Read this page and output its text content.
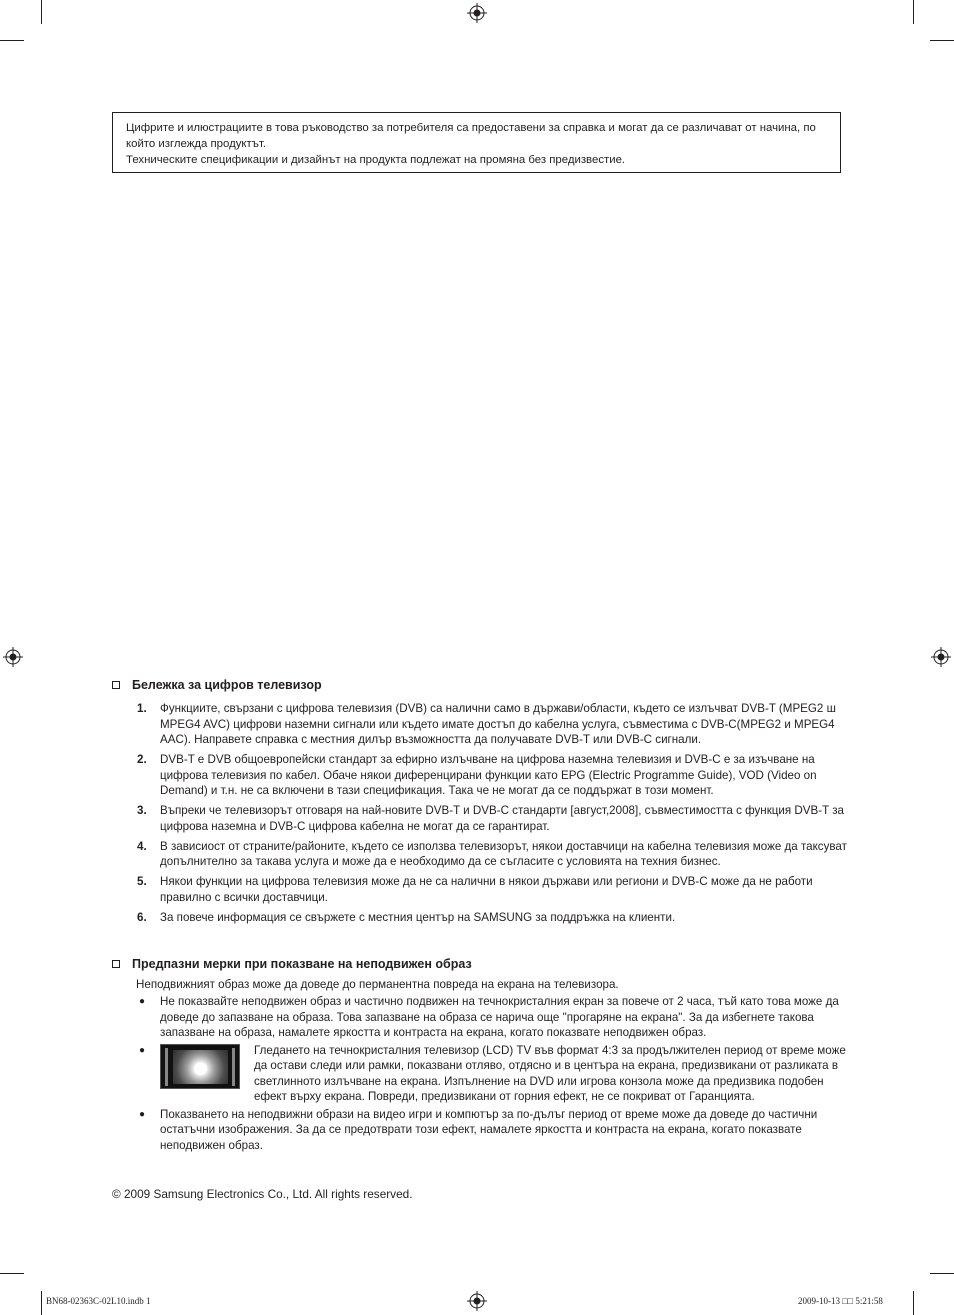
Цифрите и илюстрациите в това ръководство за потребителя са предоставени за справка и могат да се различават от начина, по който изглежда продуктът.

Техническите спецификации и дизайнът на продукта подлежат на промяна без предизвестие.

Бележка за цифров телевизор
1. Функциите, свързани с цифрова телевизия (DVB) са налични само в държави/области, където се излъчват DVB-T (MPEG2 ш MPEG4 AVC) цифрови наземни сигнали или където имате достъп до кабелна услуга, съвместима с DVB-C(MPEG2 и MPEG4 AAC). Направете справка с местния дилър възможността да получавате DVB-T или DVB-C сигнали.
2. DVB-T е DVB общоевропейски стандарт за ефирно излъчване на цифрова наземна телевизия и DVB-C е за изъчване на цифрова телевизия по кабел. Обаче някои диференцирани функции като EPG (Electric Programme Guide), VOD (Video on Demand) и т.н. не са включени в тази спецификация. Така че не могат да се поддържат в този момент.
3. Въпреки че телевизорът отговаря на най-новите DVB-T и DVB-C стандарти [август,2008], съвместимостта с функция DVB-T за цифрова наземна и DVB-C цифрова кабелна не могат да се гарантират.
4. В зависиост от страните/районите, където се използва телевизорът, някои доставчици на кабелна телевизия може да таксуват допълнително за такава услуга и може да е необходимо да се съгласите с условията на техния бизнес.
5. Някои функции на цифрова телевизия може да не са налични в някои държави или региони и DVB-C може да не работи правилно с всички доставчици.
6. За повече информация се свържете с местния център на SAMSUNG за поддръжка на клиенти.
Предпазни мерки при показване на неподвижен образ
Неподвижният образ може да доведе до перманентна повреда на екрана на телевизора.
● Не показвайте неподвижен образ и частично подвижен на течнокристалния екран за повече от 2 часа, тъй като това може да доведе до запазване на образа. Това запазване на образа се нарича още "прогаряне на екрана". За да избегнете такова запазване на образа, намалете яркостта и контраста на екрана, когато показвате неподвижен образ.
●	Гледането на течнокристалния телевизор (LCD) TV във формат 4:3 за продължителен период от време може да остави следи или рамки, показвани отляво, отдясно и в центъра на екрана, предизвикани от разликата в светлинното излъчване на екрана. Изпълнение на DVD или игрова конзола може да предизвика подобен ефект върху екрана. Повреди, предизвикани от горния ефект, не се покриват от Гаранцията.
● Показването на неподвижни образи на видео игри и компютър за по-дълъг период от време може да доведе до частични остатъчни изображения. За да се предотврати този ефект, намалете яркостта и контраста на екрана, когато показвате неподвижен образ.
© 2009 Samsung Electronics Co., Ltd. All rights reserved.
BN68-02363C-02L10.indb 1	2009-10-13 □□ 5:21:58
